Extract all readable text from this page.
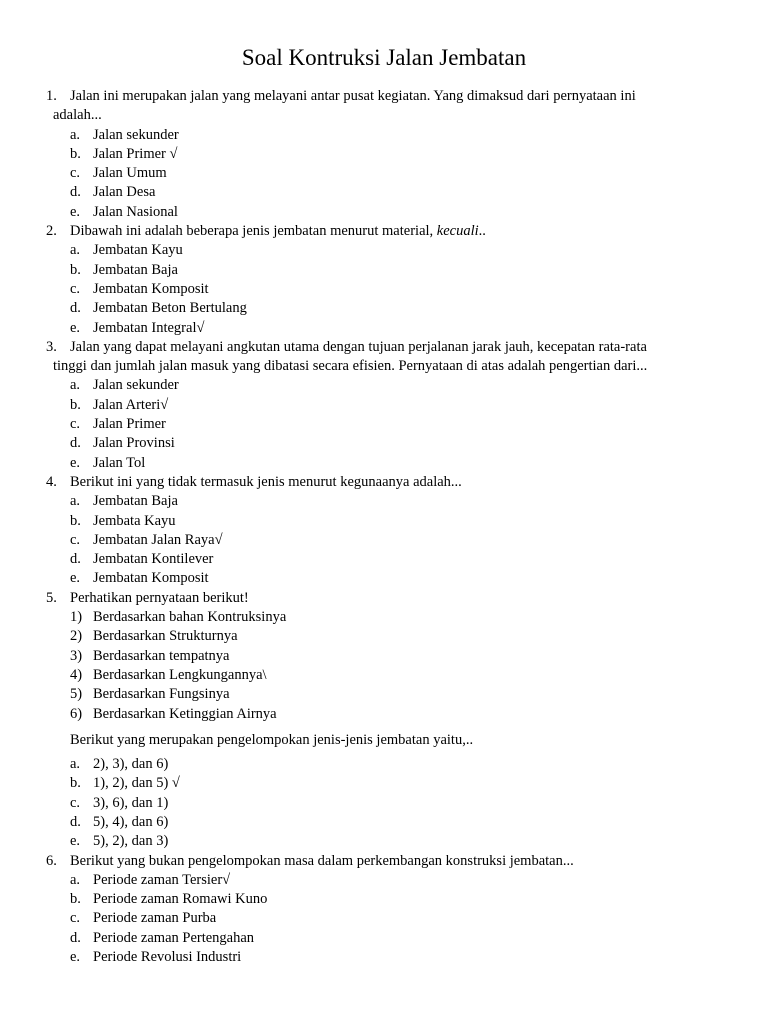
Soal Kontruksi Jalan Jembatan
1. Jalan ini merupakan jalan yang melayani antar pusat kegiatan. Yang dimaksud dari pernyataan ini
adalah...
a. Jalan sekunder
b. Jalan Primer √
c. Jalan Umum
d. Jalan Desa
e. Jalan Nasional
2. Dibawah ini adalah beberapa jenis jembatan menurut material, kecuali..
a. Jembatan Kayu
b. Jembatan Baja
c. Jembatan Komposit
d. Jembatan Beton Bertulang
e. Jembatan Integral√
3. Jalan yang dapat melayani angkutan utama dengan tujuan perjalanan jarak jauh, kecepatan rata-rata
tinggi dan jumlah jalan masuk yang dibatasi secara efisien. Pernyataan di atas adalah pengertian dari...
a. Jalan sekunder
b. Jalan Arteri√
c. Jalan Primer
d. Jalan Provinsi
e. Jalan Tol
4. Berikut ini yang tidak termasuk jenis menurut kegunaanya adalah...
a. Jembatan Baja
b. Jembata Kayu
c. Jembatan Jalan Raya√
d. Jembatan Kontilever
e. Jembatan Komposit
5. Perhatikan pernyataan berikut!
1) Berdasarkan bahan Kontruksinya
2) Berdasarkan Strukturnya
3) Berdasarkan tempatnya
4) Berdasarkan Lengkungannya\
5) Berdasarkan Fungsinya
6) Berdasarkan Ketinggian Airnya
Berikut yang merupakan pengelompokan jenis-jenis jembatan yaitu,..
a. 2), 3), dan 6)
b. 1), 2), dan 5) √
c. 3), 6), dan 1)
d. 5), 4), dan 6)
e. 5), 2), dan 3)
6. Berikut yang bukan pengelompokan masa dalam perkembangan konstruksi jembatan...
a. Periode zaman Tersier√
b. Periode zaman Romawi Kuno
c. Periode zaman Purba
d. Periode zaman Pertengahan
e. Periode Revolusi Industri
